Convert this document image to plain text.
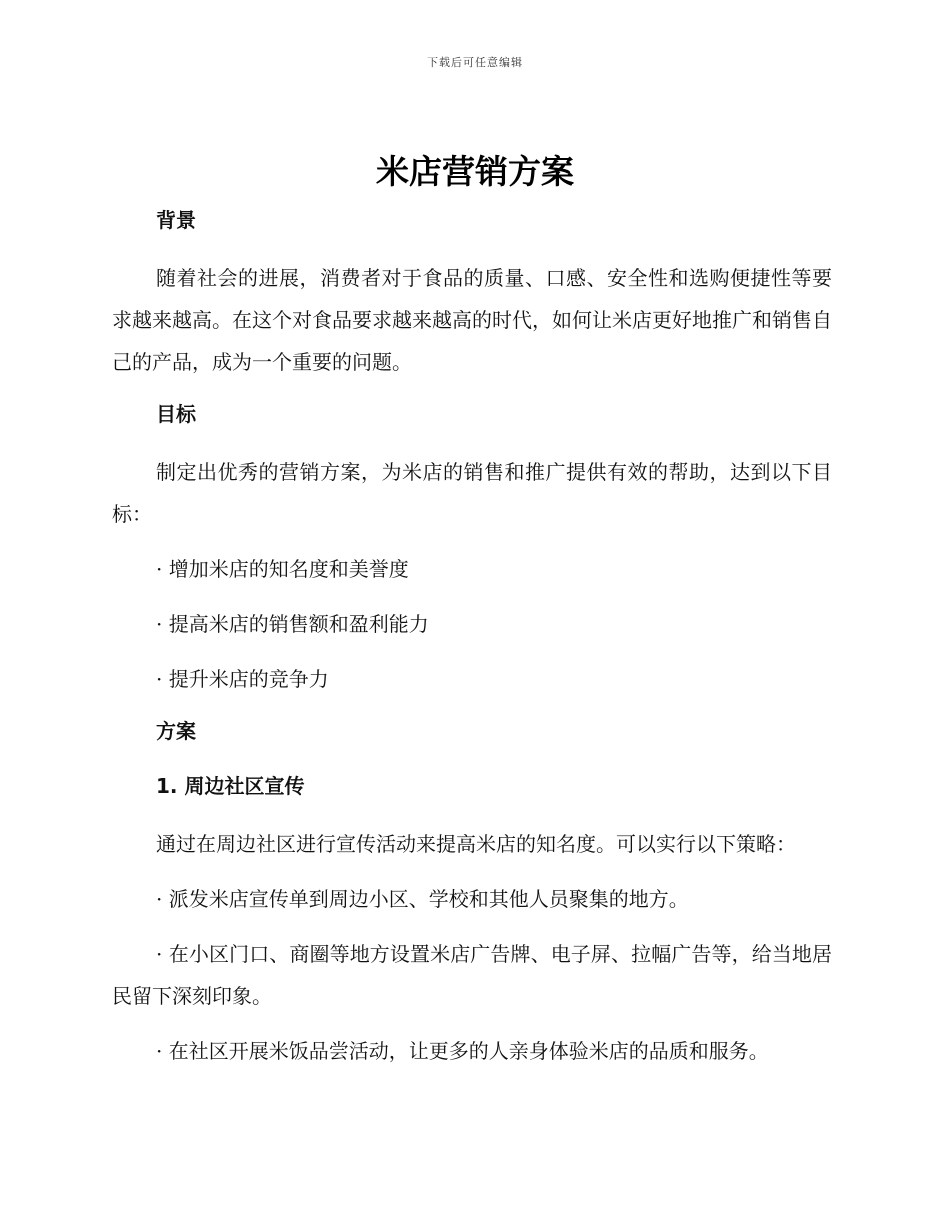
下载后可任意编辑
米店营销方案
背景

随着社会的进展，消费者对于食品的质量、口感、安全性和选购便捷性等要求越来越高。在这个对食品要求越来越高的时代，如何让米店更好地推广和销售自己的产品，成为一个重要的问题。

目标

制定出优秀的营销方案，为米店的销售和推广提供有效的帮助，达到以下目标：

· 增加米店的知名度和美誉度

· 提高米店的销售额和盈利能力

· 提升米店的竞争力

方案
1. 周边社区宣传

通过在周边社区进行宣传活动来提高米店的知名度。可以实行以下策略：

· 派发米店宣传单到周边小区、学校和其他人员聚集的地方。

· 在小区门口、商圈等地方设置米店广告牌、电子屏、拉幅广告等，给当地居民留下深刻印象。

· 在社区开展米饭品尝活动，让更多的人亲身体验米店的品质和服务。
